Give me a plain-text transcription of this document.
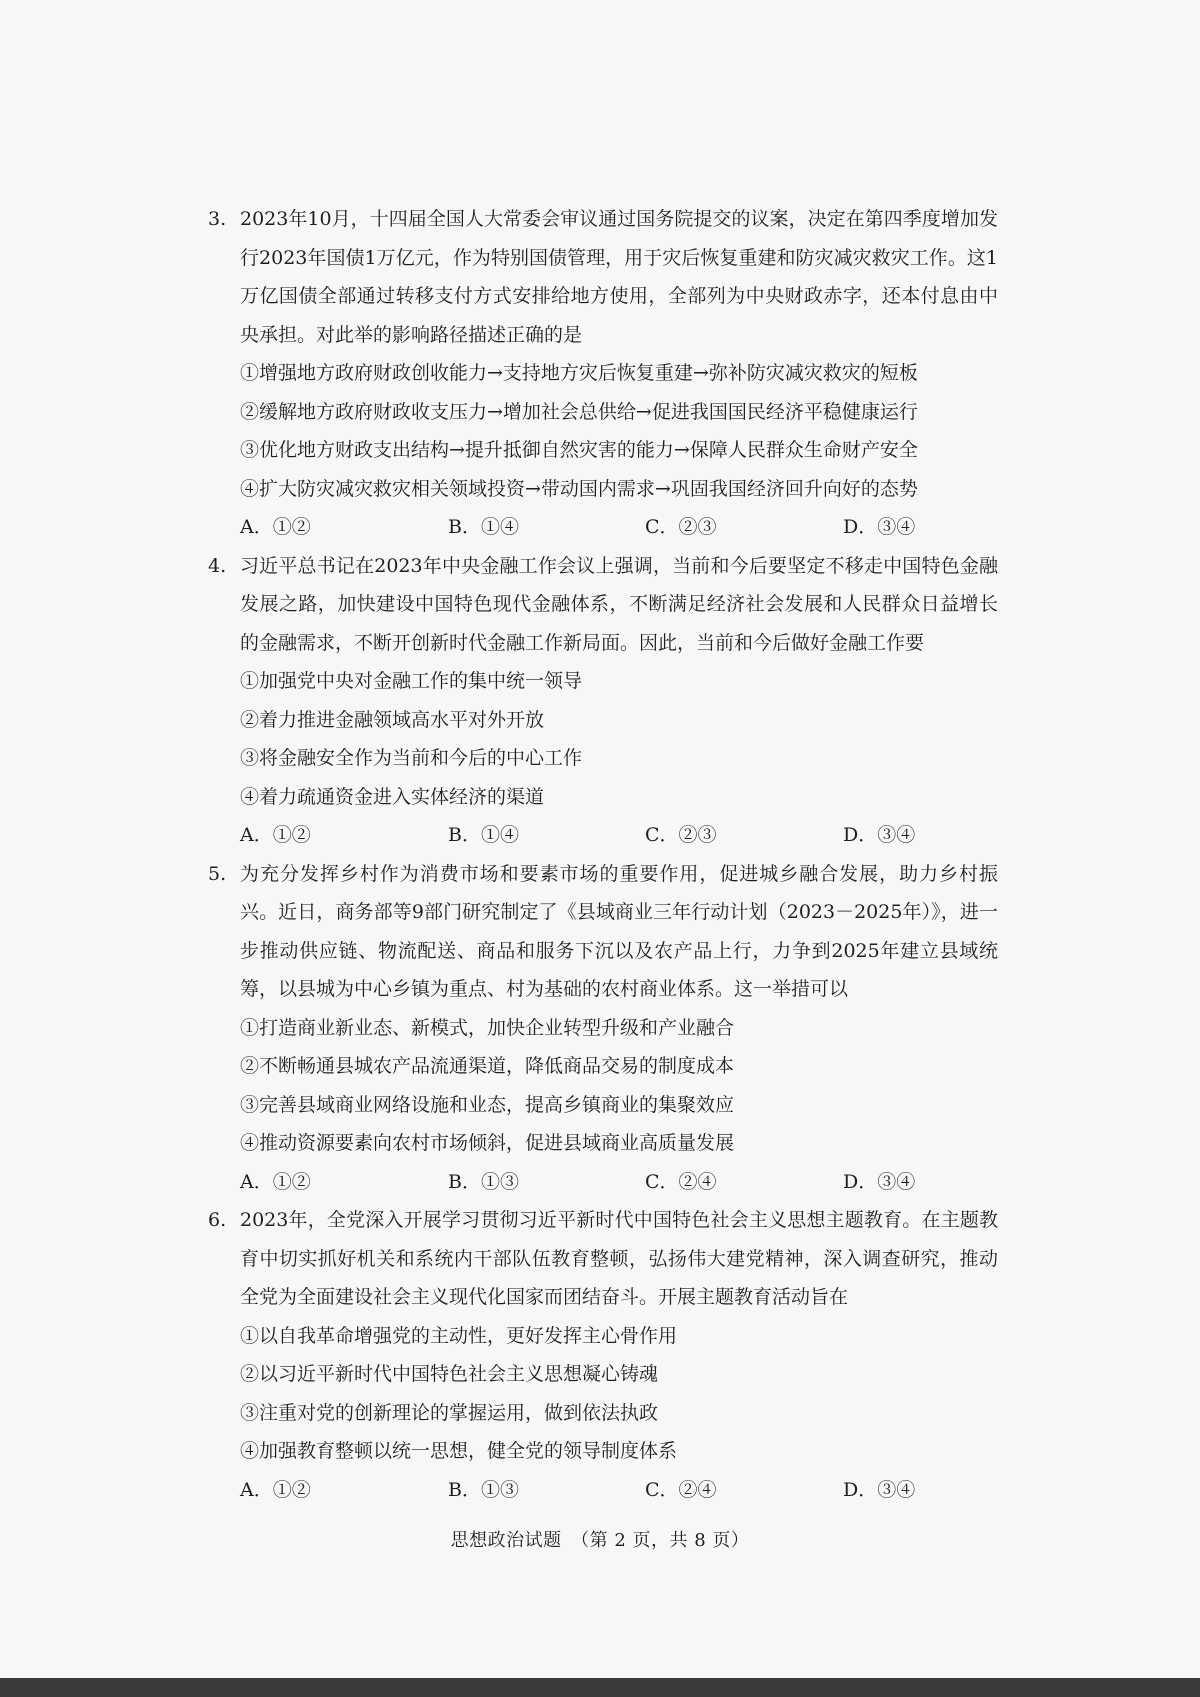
3. 2023年10月，十四届全国人大常委会审议通过国务院提交的议案，决定在第四季度增加发行2023年国债1万亿元，作为特别国债管理，用于灾后恢复重建和防灾减灾救灾工作。这1万亿国债全部通过转移支付方式安排给地方使用，全部列为中央财政赤字，还本付息由中央承担。对此举的影响路径描述正确的是
①增强地方政府财政创收能力→支持地方灾后恢复重建→弥补防灾减灾救灾的短板
②缓解地方政府财政收支压力→增加社会总供给→促进我国国民经济平稳健康运行
③优化地方财政支出结构→提升抵御自然灾害的能力→保障人民群众生命财产安全
④扩大防灾减灾救灾相关领域投资→带动国内需求→巩固我国经济回升向好的态势
A．①②	B．①④	C．②③	D．③④
4. 习近平总书记在2023年中央金融工作会议上强调，当前和今后要坚定不移走中国特色金融发展之路，加快建设中国特色现代金融体系，不断满足经济社会发展和人民群众日益增长的金融需求，不断开创新时代金融工作新局面。因此，当前和今后做好金融工作要
①加强党中央对金融工作的集中统一领导
②着力推进金融领域高水平对外开放
③将金融安全作为当前和今后的中心工作
④着力疏通资金进入实体经济的渠道
A．①②	B．①④	C．②③	D．③④
5. 为充分发挥乡村作为消费市场和要素市场的重要作用，促进城乡融合发展，助力乡村振兴。近日，商务部等9部门研究制定了《县域商业三年行动计划（2023－2025年）》，进一步推动供应链、物流配送、商品和服务下沉以及农产品上行，力争到2025年建立县域统筹，以县城为中心乡镇为重点、村为基础的农村商业体系。这一举措可以
①打造商业新业态、新模式，加快企业转型升级和产业融合
②不断畅通县城农产品流通渠道，降低商品交易的制度成本
③完善县域商业网络设施和业态，提高乡镇商业的集聚效应
④推动资源要素向农村市场倾斜，促进县域商业高质量发展
A．①②	B．①③	C．②④	D．③④
6. 2023年，全党深入开展学习贯彻习近平新时代中国特色社会主义思想主题教育。在主题教育中切实抓好机关和系统内干部队伍教育整顿，弘扬伟大建党精神，深入调查研究，推动全党为全面建设社会主义现代化国家而团结奋斗。开展主题教育活动旨在
①以自我革命增强党的主动性，更好发挥主心骨作用
②以习近平新时代中国特色社会主义思想凝心铸魂
③注重对党的创新理论的掌握运用，做到依法执政
④加强教育整顿以统一思想，健全党的领导制度体系
A．①②	B．①③	C．②④	D．③④
思想政治试题　（第 2 页，共 8 页）
